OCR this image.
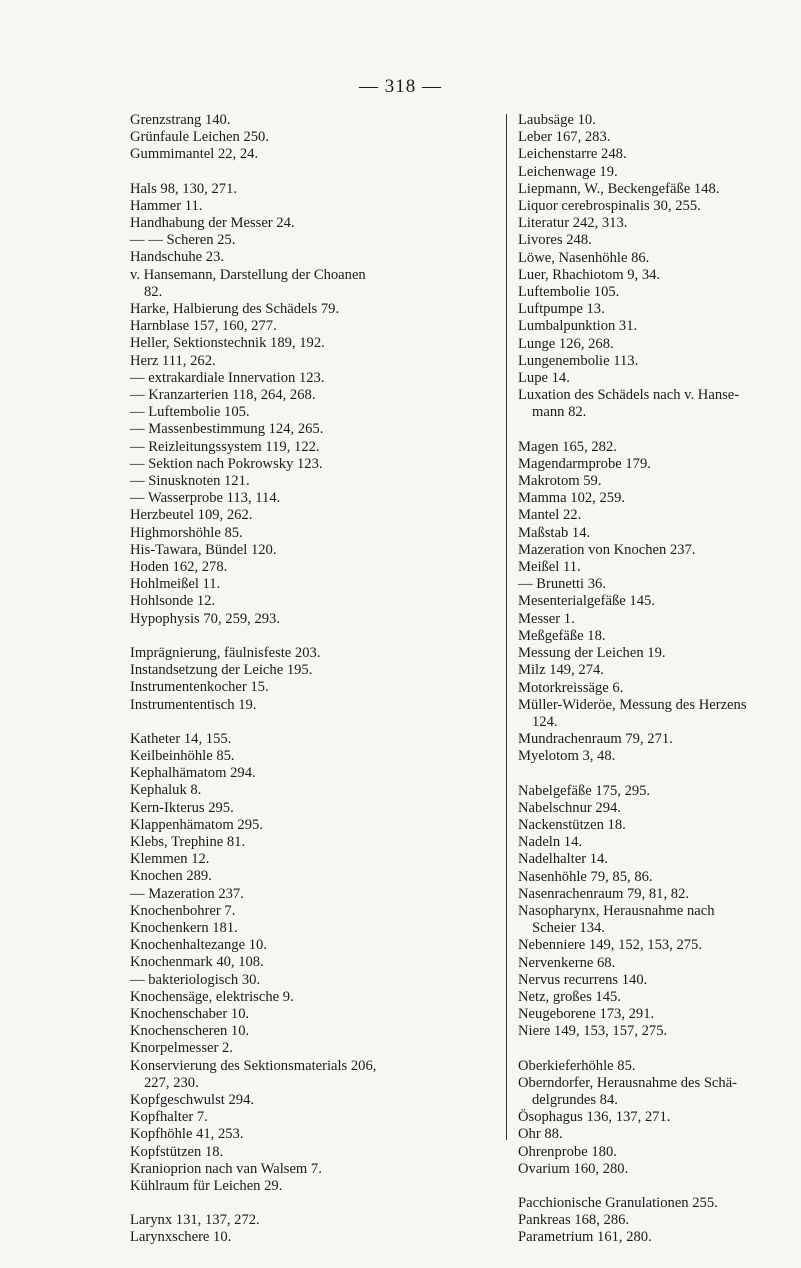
— 318 —
Grenzstrang 140.
Grünfaule Leichen 250.
Gummimantel 22, 24.
Hals 98, 130, 271.
Hammer 11.
Handhabung der Messer 24.
— — Scheren 25.
Handschuhe 23.
v. Hansemann, Darstellung der Choanen
82.
Harke, Halbierung des Schädels 79.
Harnblase 157, 160, 277.
Heller, Sektionstechnik 189, 192.
Herz 111, 262.
— extrakardiale Innervation 123.
— Kranzarterien 118, 264, 268.
— Luftembolie 105.
— Massenbestimmung 124, 265.
— Reizleitungssystem 119, 122.
— Sektion nach Pokrowsky 123.
— Sinusknoten 121.
— Wasserprobe 113, 114.
Herzbeutel 109, 262.
Highmorshöhle 85.
His-Tawara, Bündel 120.
Hoden 162, 278.
Hohlmeißel 11.
Hohlsonde 12.
Hypophysis 70, 259, 293.
Imprägnierung, fäulnisfeste 203.
Instandsetzung der Leiche 195.
Instrumentenkocher 15.
Instrumententisch 19.
Katheter 14, 155.
Keilbeinhöhle 85.
Kephalhämatom 294.
Kephaluk 8.
Kern-Ikterus 295.
Klappenhämatom 295.
Klebs, Trephine 81.
Klemmen 12.
Knochen 289.
— Mazeration 237.
Knochenbohrer 7.
Knochenkern 181.
Knochenhaltezange 10.
Knochenmark 40, 108.
— bakteriologisch 30.
Knochensäge, elektrische 9.
Knochenschaber 10.
Knochenscheren 10.
Knorpelmesser 2.
Konservierung des Sektionsmaterials 206,
227, 230.
Kopfgeschwulst 294.
Kopfhalter 7.
Kopfhöhle 41, 253.
Kopfstützen 18.
Kranioprion nach van Walsem 7.
Kühlraum für Leichen 29.
Larynx 131, 137, 272.
Larynxschere 10.
Laubsäge 10.
Leber 167, 283.
Leichenstarre 248.
Leichenwage 19.
Liepmann, W., Beckengefäße 148.
Liquor cerebrospinalis 30, 255.
Literatur 242, 313.
Livores 248.
Löwe, Nasenhöhle 86.
Luer, Rhachiotom 9, 34.
Luftembolie 105.
Luftpumpe 13.
Lumbalpunktion 31.
Lunge 126, 268.
Lungenembolie 113.
Lupe 14.
Luxation des Schädels nach v. Hanse-
mann 82.
Magen 165, 282.
Magendarmprobe 179.
Makrotom 59.
Mamma 102, 259.
Mantel 22.
Maßstab 14.
Mazeration von Knochen 237.
Meißel 11.
— Brunetti 36.
Mesenterialgefäße 145.
Messer 1.
Meßgefäße 18.
Messung der Leichen 19.
Milz 149, 274.
Motorkreissäge 6.
Müller-Wideröe, Messung des Herzens
124.
Mundrachenraum 79, 271.
Myelotom 3, 48.
Nabelgefäße 175, 295.
Nabelschnur 294.
Nackenstützen 18.
Nadeln 14.
Nadelhalter 14.
Nasenhöhle 79, 85, 86.
Nasenrachenraum 79, 81, 82.
Nasopharynx, Herausnahme nach
Scheier 134.
Nebenniere 149, 152, 153, 275.
Nervenkerne 68.
Nervus recurrens 140.
Netz, großes 145.
Neugeborene 173, 291.
Niere 149, 153, 157, 275.
Oberkieferhöhle 85.
Oberndorfer, Herausnahme des Schä-
delgrundes 84.
Ösophagus 136, 137, 271.
Ohr 88.
Ohrenprobe 180.
Ovarium 160, 280.
Pacchionische Granulationen 255.
Pankreas 168, 286.
Parametrium 161, 280.
